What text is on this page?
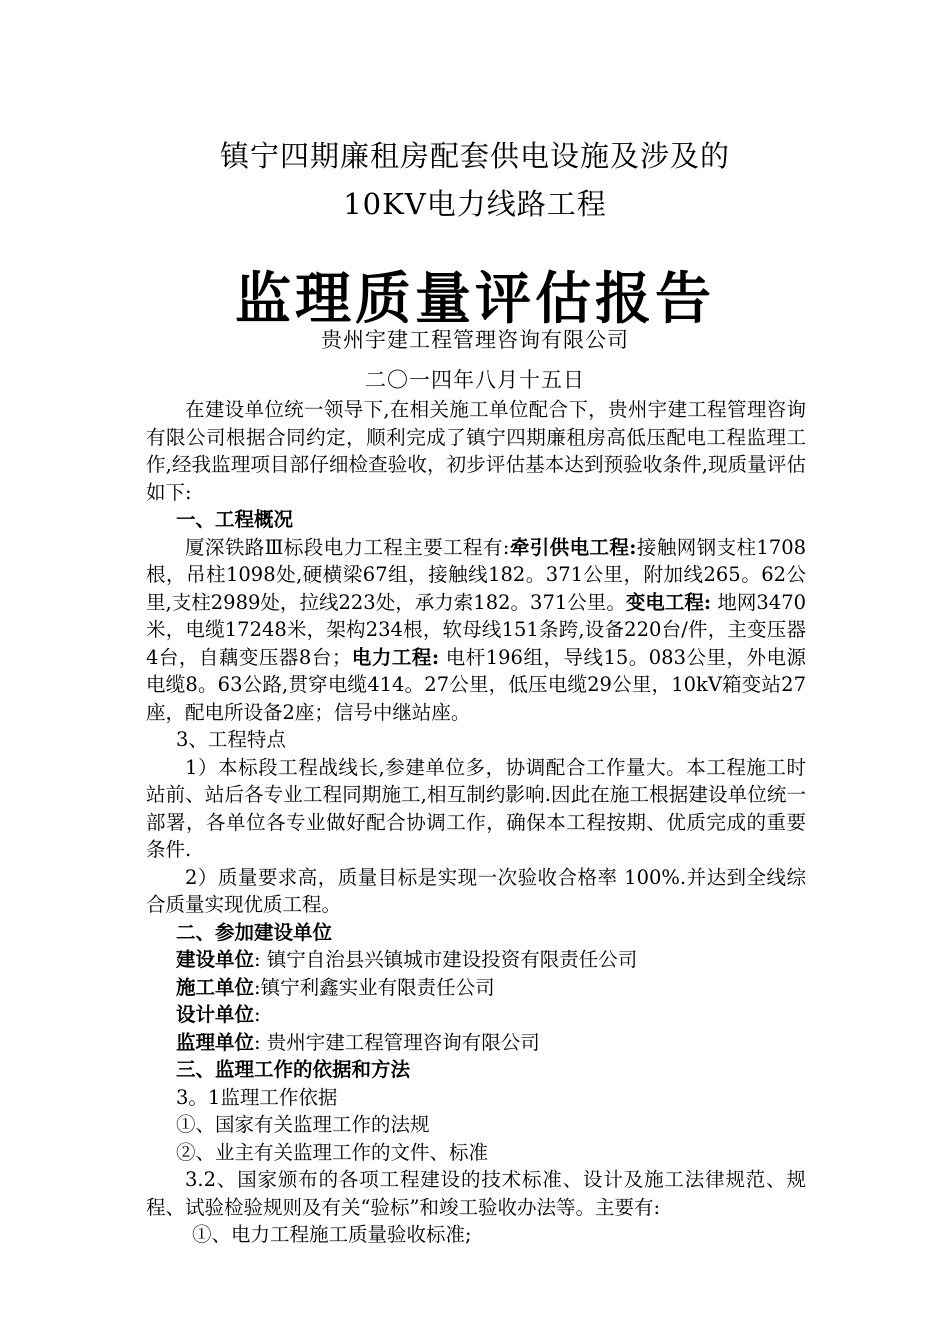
镇宁四期廉租房配套供电设施及涉及的

10KV电力线路工程

监理质量评估报告

贵州宇建工程管理咨询有限公司

二〇一四年八月十五日

在建设单位统一领导下,在相关施工单位配合下，贵州宇建工程管理咨询有限公司根据合同约定，顺利完成了镇宁四期廉租房高低压配电工程监理工作,经我监理项目部仔细检查验收，初步评估基本达到预验收条件,现质量评估如下:

一、工程概况

厦深铁路Ⅲ标段电力工程主要工程有:牵引供电工程:接触网钢支柱1708根，吊柱1098处,硬横梁67组，接触线182。371公里，附加线265。62公里,支柱2989处，拉线223处，承力索182。371公里。变电工程: 地网3470米，电缆17248米，架构234根，软母线151条跨,设备220台/件，主变压器4台，自藕变压器8台；电力工程: 电杆196组，导线15。083公里，外电源电缆8。63公路,贯穿电缆414。27公里，低压电缆29公里，10kV箱变站27座，配电所设备2座；信号中继站座。

3、工程特点

1）本标段工程战线长,参建单位多，协调配合工作量大。本工程施工时站前、站后各专业工程同期施工,相互制约影响.因此在施工根据建设单位统一部署，各单位各专业做好配合协调工作，确保本工程按期、优质完成的重要条件.

2）质量要求高，质量目标是实现一次验收合格率 100%.并达到全线综合质量实现优质工程。

二、参加建设单位

建设单位: 镇宁自治县兴镇城市建设投资有限责任公司

施工单位:镇宁利鑫实业有限责任公司

设计单位:

监理单位: 贵州宇建工程管理咨询有限公司

三、监理工作的依据和方法

3。1监理工作依据

①、国家有关监理工作的法规

②、业主有关监理工作的文件、标准

3.2、国家颁布的各项工程建设的技术标准、设计及施工法律规范、规程、试验检验规则及有关“验标”和竣工验收办法等。主要有:

①、电力工程施工质量验收标准;
